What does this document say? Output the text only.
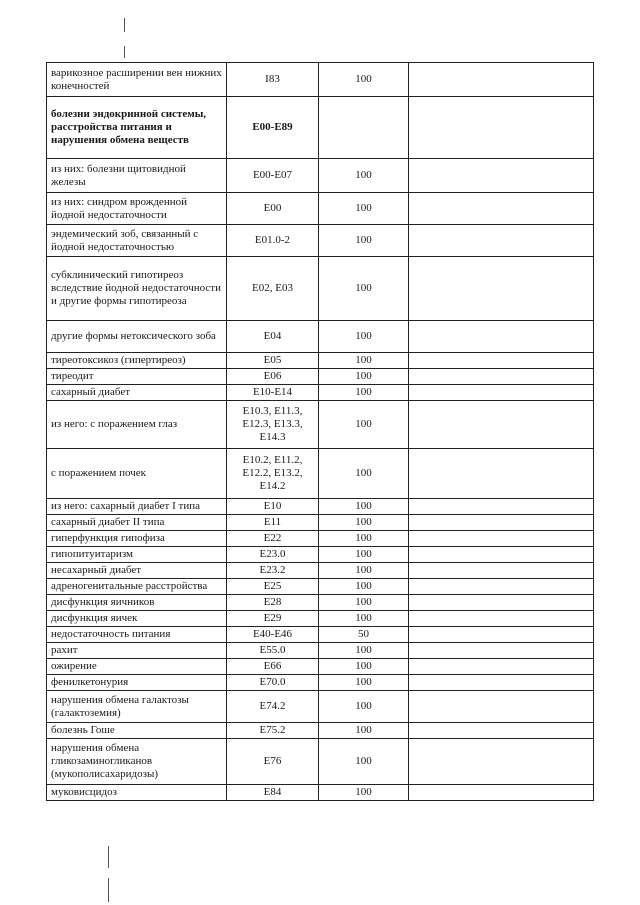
варикозное расширении вен нижних конечностей	I83	100	
болезни эндокринной системы, расстройства питания и нарушения обмена веществ	E00-E89		
из них: болезни щитовидной железы	E00-E07	100	
из них: синдром врожденной йодной недостаточности	E00	100	
эндемический зоб, связанный с йодной недостаточностью	E01.0-2	100	
субклинический гипотиреоз вследствие йодной недостаточности и другие формы гипотиреоза	E02, E03	100	
другие формы нетоксического зоба	E04	100	
тиреотоксикоз (гипертиреоз)	E05	100	
тиреодит	E06	100	
сахарный диабет	E10-E14	100	
из него: с поражением глаз	E10.3, E11.3, E12.3, E13.3, E14.3	100	
с поражением почек	E10.2, E11.2, E12.2, E13.2, E14.2	100	
из него: сахарный диабет I типа	E10	100	
сахарный диабет II типа	E11	100	
гиперфункция гипофиза	E22	100	
гипопитуитаризм	E23.0	100	
несахарный диабет	E23.2	100	
адреногенитальные расстройства	E25	100	
дисфункция яичников	E28	100	
дисфункция яичек	E29	100	
недостаточность питания	E40-E46	50	
рахит	E55.0	100	
ожирение	E66	100	
фенилкетонурия	E70.0	100	
нарушения обмена галактозы (галактоземия)	E74.2	100	
болезнь Гоше	E75.2	100	
нарушения обмена гликозаминогликанов (мукополисахаридозы)	E76	100	
муковисцидоз	E84	100	
